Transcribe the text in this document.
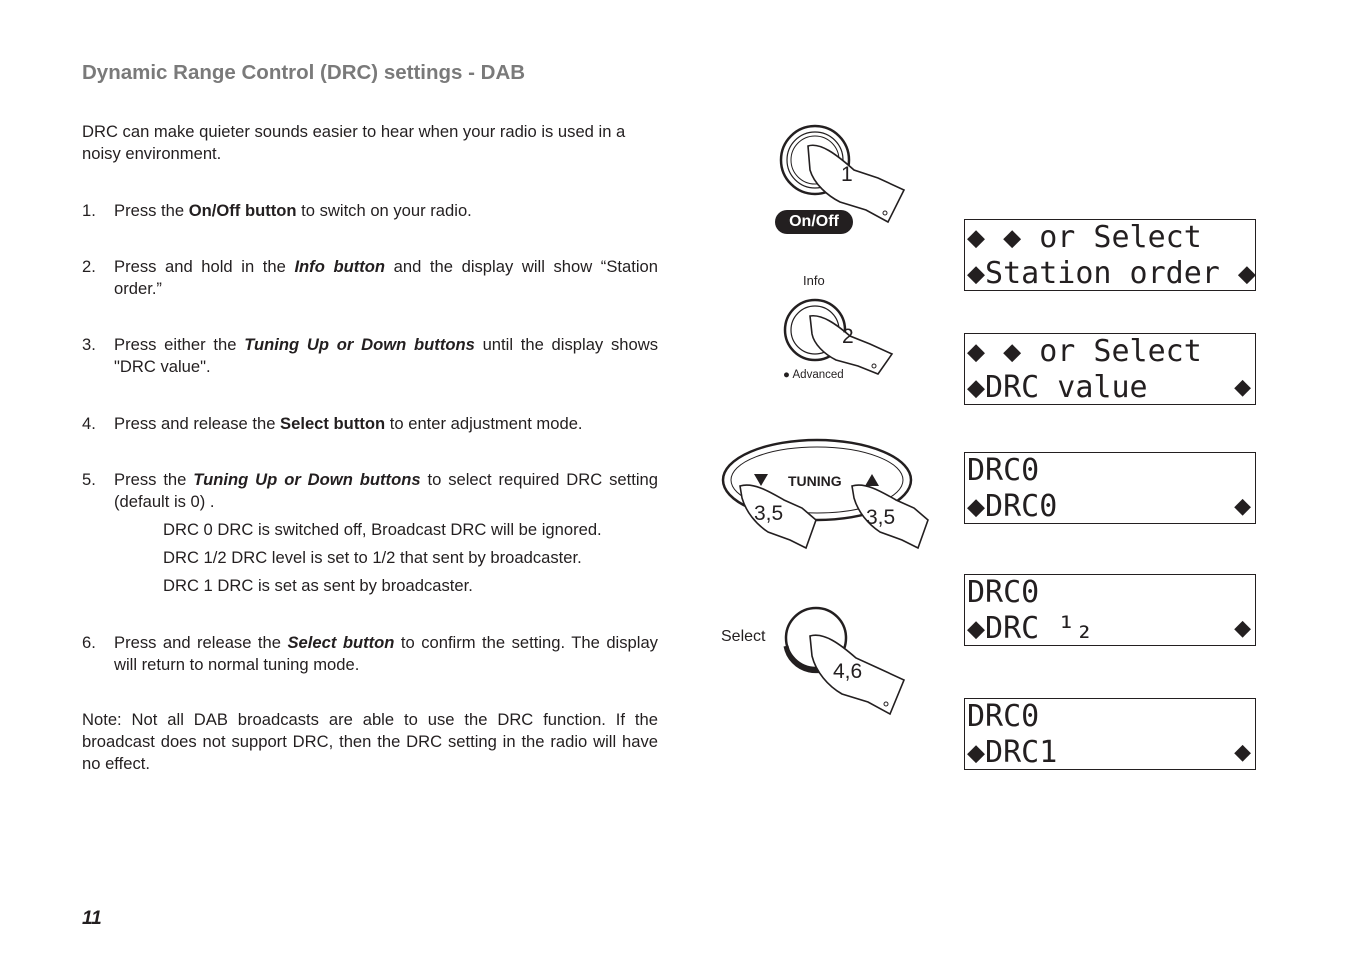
Dynamic Range Control (DRC) settings - DAB

DRC can make quieter sounds easier to hear when your radio is used in a noisy environment.

1. Press the On/Off button to switch on your radio.
2. Press and hold in the Info button and the display will show “Station order.”
3. Press either the Tuning Up or Down buttons until the display shows "DRC value".
4. Press and release the Select button to enter adjustment mode.
5. Press the Tuning Up or Down buttons to select required DRC setting (default is 0) .
DRC 0 DRC is switched off, Broadcast DRC will be ignored.
DRC 1/2 DRC level is set to 1/2 that sent by broadcaster.
DRC 1 DRC is set as sent by broadcaster.
6. Press and release the Select button to confirm the setting. The display will return to normal tuning mode.

Note: Not all DAB broadcasts are able to use the DRC function. If the broadcast does not support DRC, then the DRC setting in the radio will have no effect.

11
1
On/Off
Info
2
● Advanced
TUNING
3,5	3,5
Select
4,6
◆ ◆ or Select
◆Station order ◆
◆ ◆ or Select
◆DRC value	◆
DRC0
◆DRC0	◆
DRC0
◆DRC ¹₂	◆
DRC0
◆DRC1	◆
